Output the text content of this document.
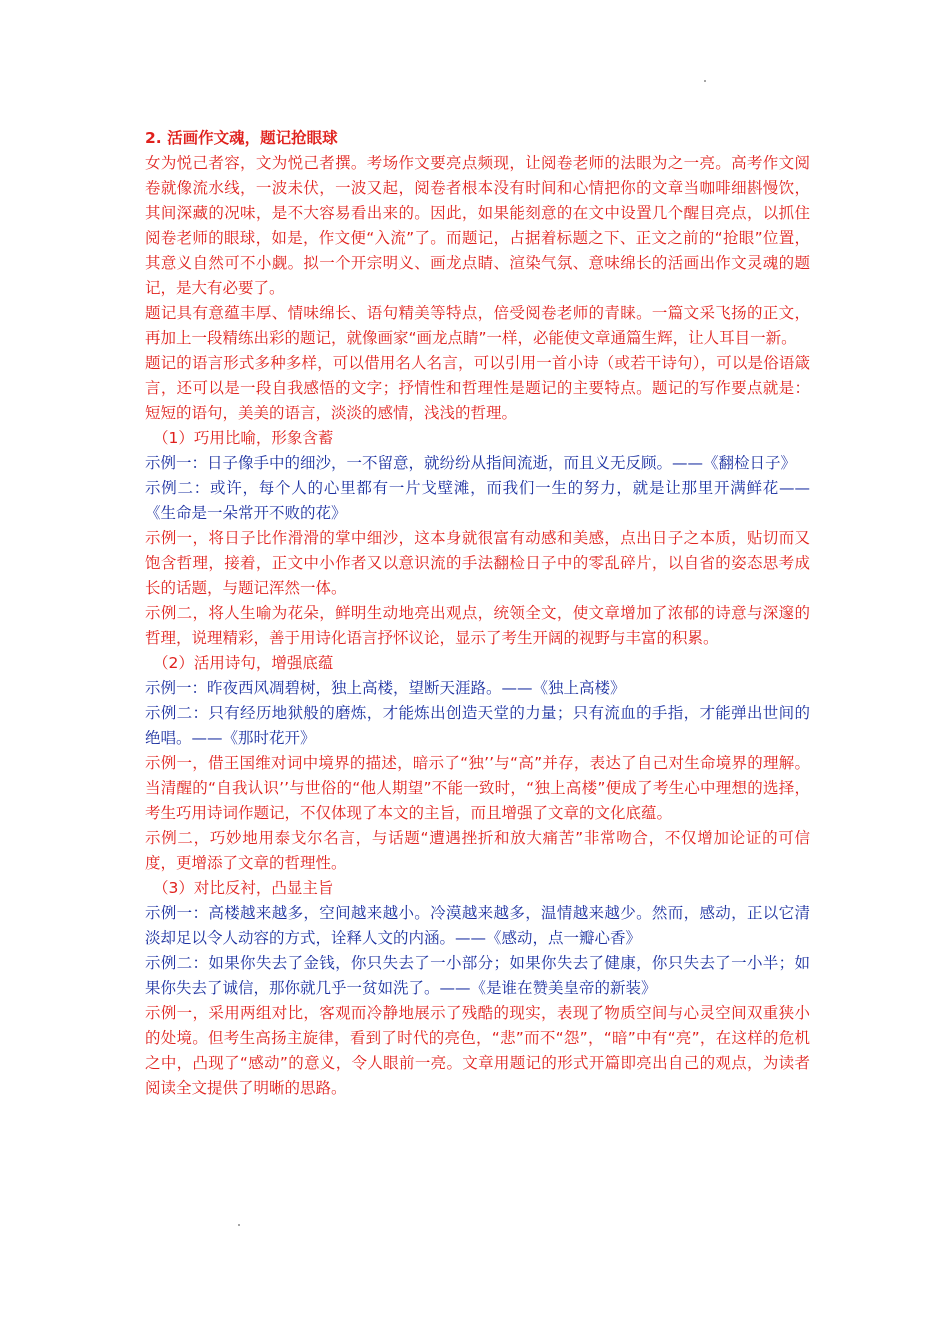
2. 活画作文魂，题记抢眼球

女为悦己者容，文为悦己者撰。考场作文要亮点频现，让阅卷老师的法眼为之一亮。高考作文阅卷就像流水线，一波未伏，一波又起，阅卷者根本没有时间和心情把你的文章当咖啡细斟慢饮，其间深藏的况味，是不大容易看出来的。因此，如果能刻意的在文中设置几个醒目亮点，以抓住阅卷老师的眼球，如是，作文便“入流”了。而题记，占据着标题之下、正文之前的“抢眼”位置，其意义自然可不小觑。拟一个开宗明义、画龙点睛、渲染气氛、意味绵长的活画出作文灵魂的题记，是大有必要了。

题记具有意蕴丰厚、情味绵长、语句精美等特点，倍受阅卷老师的青睐。一篇文采飞扬的正文，再加上一段精练出彩的题记，就像画家“画龙点睛”一样，必能使文章通篇生辉，让人耳目一新。

题记的语言形式多种多样，可以借用名人名言，可以引用一首小诗（或若干诗句），可以是俗语箴言，还可以是一段自我感悟的文字；抒情性和哲理性是题记的主要特点。题记的写作要点就是：短短的语句，美美的语言，淡淡的感情，浅浅的哲理。

（1）巧用比喻，形象含蓄

示例一：日子像手中的细沙，一不留意，就纷纷从指间流逝，而且义无反顾。——《翻检日子》

示例二：或许，每个人的心里都有一片戈壁滩，而我们一生的努力，就是让那里开满鲜花——《生命是一朵常开不败的花》

示例一，将日子比作滑滑的掌中细沙，这本身就很富有动感和美感，点出日子之本质，贴切而又饱含哲理，接着，正文中小作者又以意识流的手法翻检日子中的零乱碎片，以自省的姿态思考成长的话题，与题记浑然一体。

示例二，将人生喻为花朵，鲜明生动地亮出观点，统领全文，使文章增加了浓郁的诗意与深邃的哲理，说理精彩，善于用诗化语言抒怀议论，显示了考生开阔的视野与丰富的积累。

（2）活用诗句，增强底蕴

示例一：昨夜西风凋碧树，独上高楼，望断天涯路。——《独上高楼》

示例二：只有经历地狱般的磨炼，才能炼出创造天堂的力量；只有流血的手指，才能弹出世间的绝唱。——《那时花开》

示例一，借王国维对词中境界的描述，暗示了“独’’与“高”并存，表达了自己对生命境界的理解。当清醒的“自我认识’’与世俗的“他人期望”不能一致时，“独上高楼”便成了考生心中理想的选择，考生巧用诗词作题记，不仅体现了本文的主旨，而且增强了文章的文化底蕴。

示例二，巧妙地用泰戈尔名言，与话题“遭遇挫折和放大痛苦”非常吻合，不仅增加论证的可信度，更增添了文章的哲理性。

（3）对比反衬，凸显主旨

示例一：高楼越来越多，空间越来越小。冷漠越来越多，温情越来越少。然而，感动，正以它清淡却足以令人动容的方式，诠释人文的内涵。——《感动，点一瓣心香》

示例二：如果你失去了金钱，你只失去了一小部分；如果你失去了健康，你只失去了一小半；如果你失去了诚信，那你就几乎一贫如洗了。——《是谁在赞美皇帝的新装》

示例一，采用两组对比，客观而冷静地展示了残酷的现实，表现了物质空间与心灵空间双重狭小的处境。但考生高扬主旋律，看到了时代的亮色，“悲”而不“怨”，“暗”中有“亮”，在这样的危机之中，凸现了“感动”的意义，令人眼前一亮。文章用题记的形式开篇即亮出自己的观点，为读者阅读全文提供了明晰的思路。
